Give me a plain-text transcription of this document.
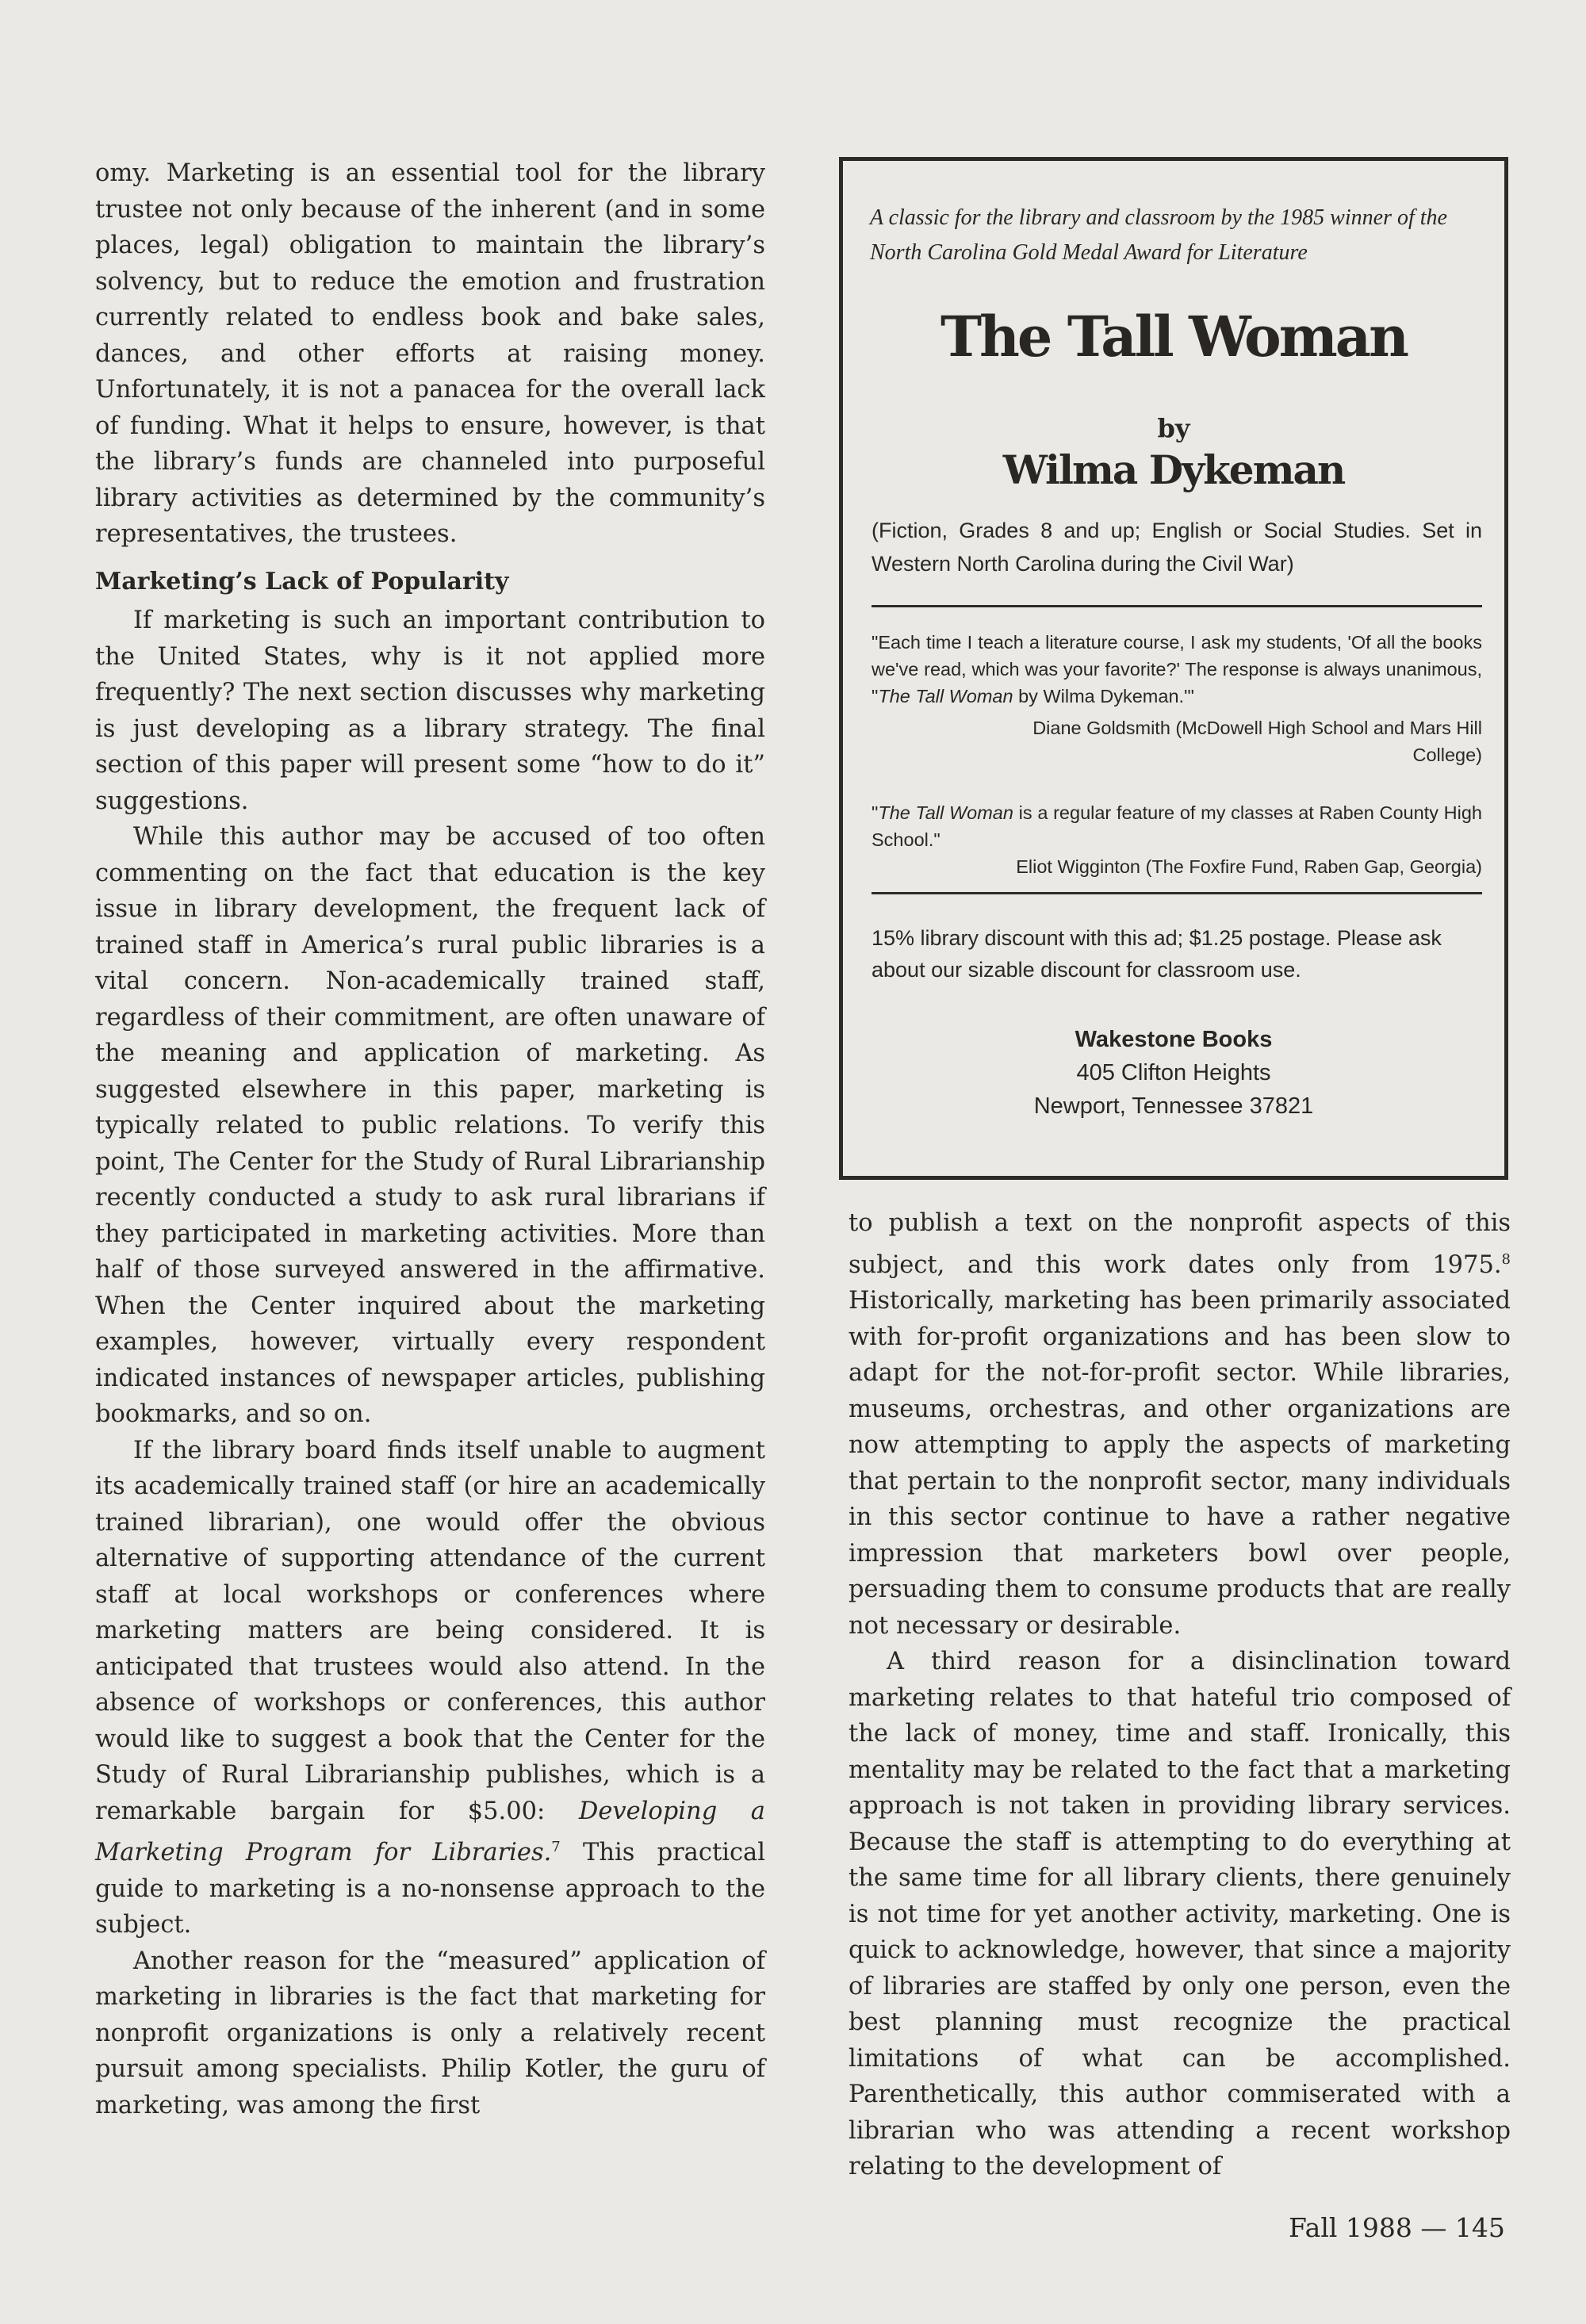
omy. Marketing is an essential tool for the library trustee not only because of the inherent (and in some places, legal) obligation to maintain the library’s solvency, but to reduce the emotion and frustration currently related to endless book and bake sales, dances, and other efforts at raising money. Unfortunately, it is not a panacea for the overall lack of funding. What it helps to ensure, however, is that the library’s funds are channeled into purposeful library activities as determined by the community’s representatives, the trustees.

Marketing’s Lack of Popularity

If marketing is such an important contribution to the United States, why is it not applied more frequently? The next section discusses why marketing is just developing as a library strategy. The final section of this paper will present some “how to do it” suggestions.

While this author may be accused of too often commenting on the fact that education is the key issue in library development, the frequent lack of trained staff in America’s rural public libraries is a vital concern. Non-academically trained staff, regardless of their commitment, are often unaware of the meaning and application of marketing. As suggested elsewhere in this paper, marketing is typically related to public relations. To verify this point, The Center for the Study of Rural Librarianship recently conducted a study to ask rural librarians if they participated in marketing activities. More than half of those surveyed answered in the affirmative. When the Center inquired about the marketing examples, however, virtually every respondent indicated instances of newspaper articles, publishing bookmarks, and so on.

If the library board finds itself unable to augment its academically trained staff (or hire an academically trained librarian), one would offer the obvious alternative of supporting attendance of the current staff at local workshops or conferences where marketing matters are being considered. It is anticipated that trustees would also attend. In the absence of workshops or conferences, this author would like to suggest a book that the Center for the Study of Rural Librarianship publishes, which is a remarkable bargain for $5.00: Developing a Marketing Program for Libraries.$^7$ This practical guide to marketing is a no-nonsense approach to the subject.

Another reason for the “measured” application of marketing in libraries is the fact that marketing for nonprofit organizations is only a relatively recent pursuit among specialists. Philip Kotler, the guru of marketing, was among the first

A classic for the library and classroom by the 1985 winner of the North Carolina Gold Medal Award for Literature
The Tall Woman
by
Wilma Dykeman
(Fiction, Grades 8 and up; English or Social Studies. Set in Western North Carolina during the Civil War)
"Each time I teach a literature course, I ask my students, 'Of all the books we've read, which was your favorite?' The response is always unanimous, "The Tall Woman by Wilma Dykeman.'"
Diane Goldsmith (McDowell High School and Mars Hill College)
"The Tall Woman is a regular feature of my classes at Raben County High School."
Eliot Wigginton (The Foxfire Fund, Raben Gap, Georgia)
15% library discount with this ad; $1.25 postage. Please ask about our sizable discount for classroom use.
Wakestone Books
405 Clifton Heights
Newport, Tennessee 37821

to publish a text on the nonprofit aspects of this subject, and this work dates only from 1975.$^8$ Historically, marketing has been primarily associated with for-profit organizations and has been slow to adapt for the not-for-profit sector. While libraries, museums, orchestras, and other organizations are now attempting to apply the aspects of marketing that pertain to the nonprofit sector, many individuals in this sector continue to have a rather negative impression that marketers bowl over people, persuading them to consume products that are really not necessary or desirable.

A third reason for a disinclination toward marketing relates to that hateful trio composed of the lack of money, time and staff. Ironically, this mentality may be related to the fact that a marketing approach is not taken in providing library services. Because the staff is attempting to do everything at the same time for all library clients, there genuinely is not time for yet another activity, marketing. One is quick to acknowledge, however, that since a majority of libraries are staffed by only one person, even the best planning must recognize the practical limitations of what can be accomplished. Parenthetically, this author commiserated with a librarian who was attending a recent workshop relating to the development of

Fall 1988 — 145
